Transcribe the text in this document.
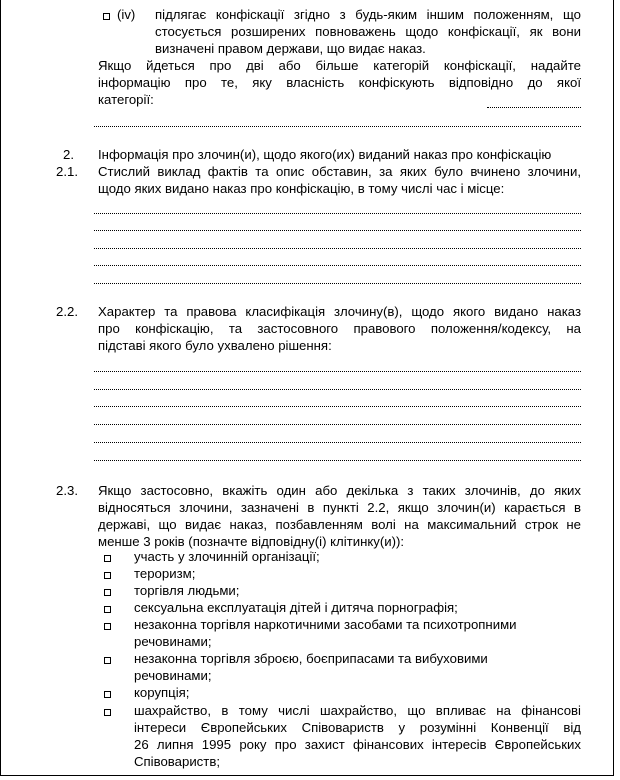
(iv) підлягає конфіскації згідно з будь-яким іншим положенням, що
стосується розширених повноважень щодо конфіскації, як вони
визначені правом держави, що видає наказ.
Якщо йдеться про дві або більше категорій конфіскації, надайте
інформацію про те, яку власність конфіскують відповідно до якої
категорії:
2. Інформація про злочин(и), щодо якого(их) виданий наказ про конфіскацію
2.1. Стислий виклад фактів та опис обставин, за яких було вчинено злочини,
щодо яких видано наказ про конфіскацію, в тому числі час і місце:
2.2. Характер та правова класифікація злочину(в), щодо якого видано наказ
про конфіскацію, та застосовного правового положення/кодексу, на
підставі якого було ухвалено рішення:
2.3. Якщо застосовно, вкажіть один або декілька з таких злочинів, до яких
відносяться злочини, зазначені в пункті 2.2, якщо злочин(и) карається в
державі, що видає наказ, позбавленням волі на максимальний строк не
менше 3 років (позначте відповідну(і) клітинку(и)):
участь у злочинній організації;
тероризм;
торгівля людьми;
сексуальна експлуатація дітей і дитяча порнографія;
незаконна торгівля наркотичними засобами та психотропними
речовинами;
незаконна торгівля зброєю, боєприпасами та вибуховими
речовинами;
корупція;
шахрайство, в тому числі шахрайство, що впливає на фінансові
інтереси Європейських Співовариств у розумінні Конвенції від
26 липня 1995 року про захист фінансових інтересів Європейських
Співовариств;
